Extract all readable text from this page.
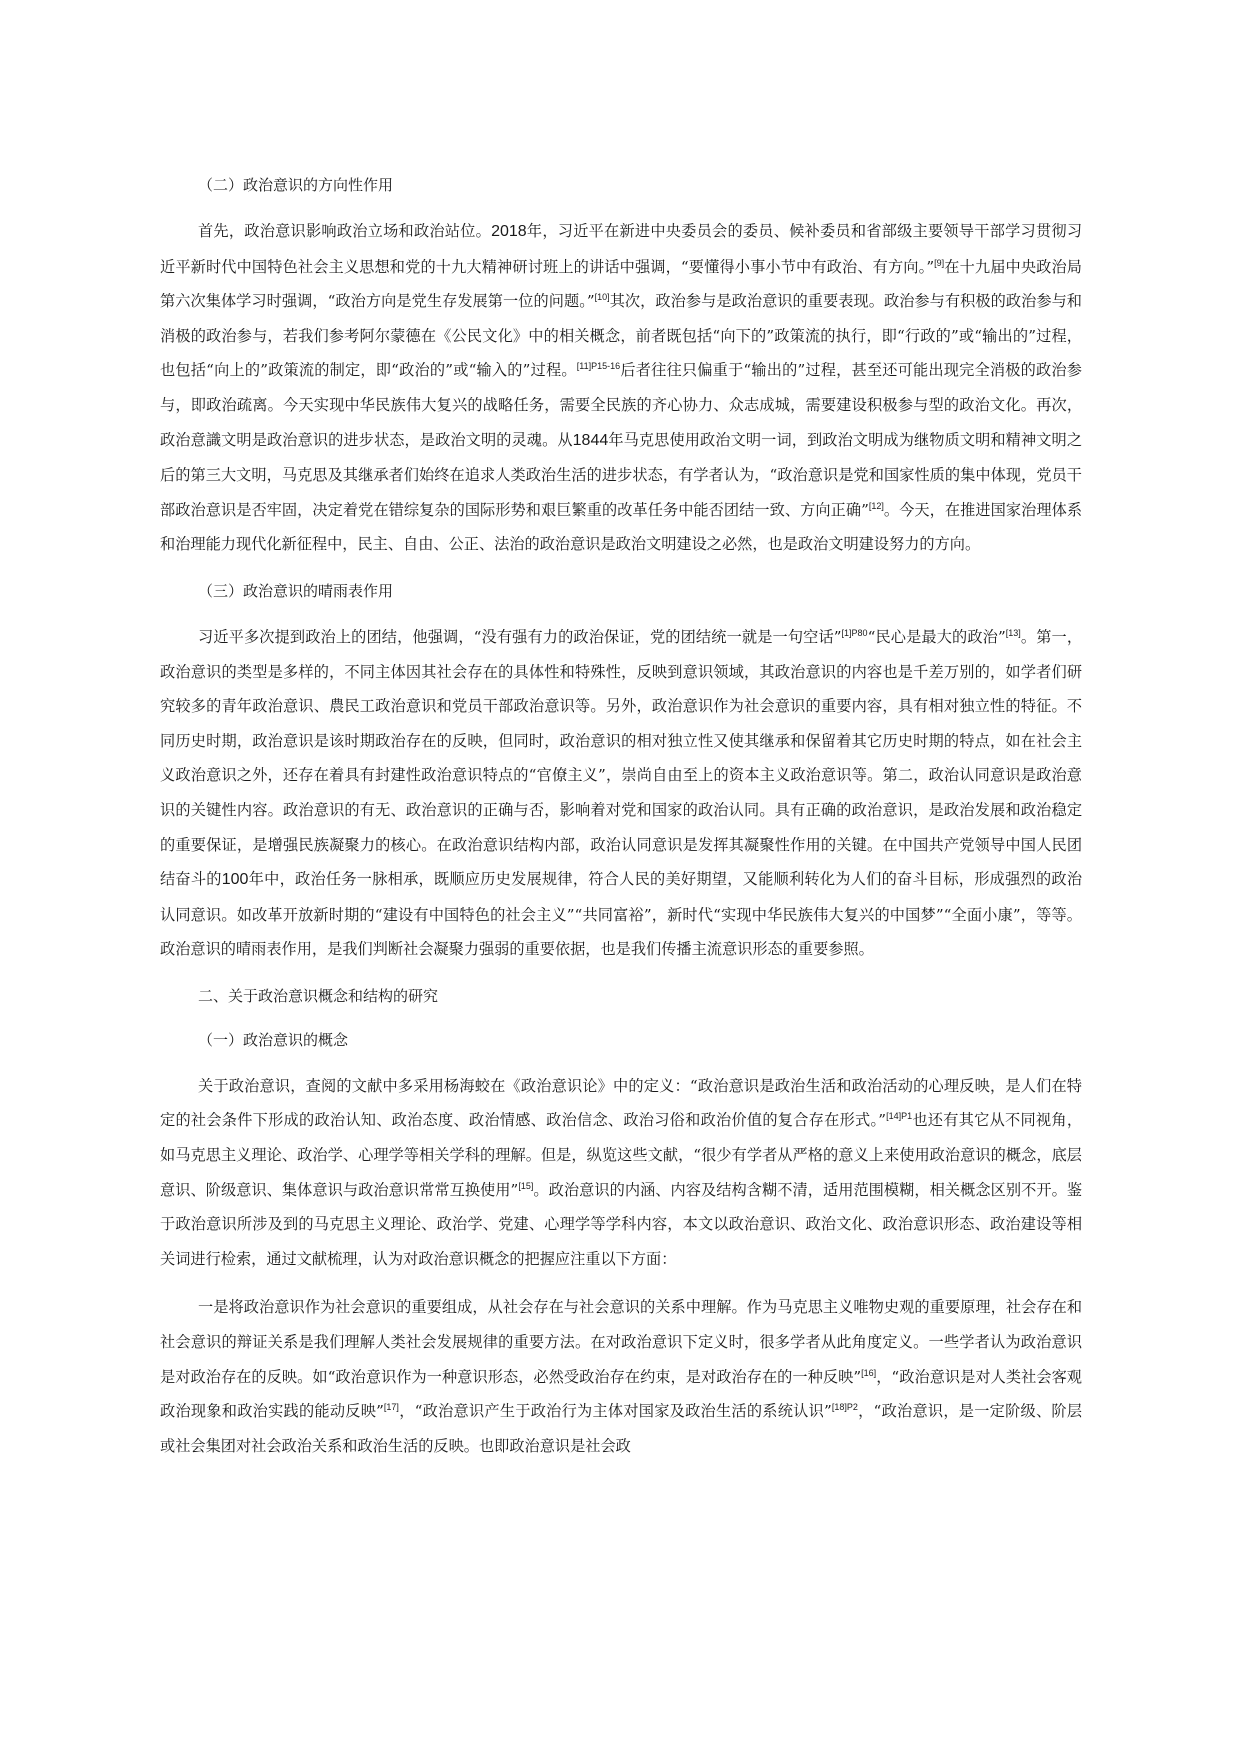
（二）政治意识的方向性作用

首先，政治意识影响政治立场和政治站位。2018年，习近平在新进中央委员会的委员、候补委员和省部级主要领导干部学习贯彻习近平新时代中国特色社会主义思想和党的十九大精神研讨班上的讲话中强调，“要懂得小事小节中有政治、有方向。”[9]在十九届中央政治局第六次集体学习时强调，“政治方向是党生存发展第一位的问题。”[10]其次，政治参与是政治意识的重要表现。政治参与有积极的政治参与和消极的政治参与，若我们参考阿尔蒙德在《公民文化》中的相关概念，前者既包括“向下的”政策流的执行，即“行政的”或“输出的”过程，也包括“向上的”政策流的制定，即“政治的”或“输入的”过程。$^{[11]P15-16}$后者往往只偏重于“输出的”过程，甚至还可能出现完全消极的政治参与，即政治疏离。今天实现中华民族伟大复兴的战略任务，需要全民族的齐心协力、众志成城，需要建设积极参与型的政治文化。再次，政治意識文明是政治意识的进步状态，是政治文明的灵魂。从1844年马克思使用政治文明一词，到政治文明成为继物质文明和精神文明之后的第三大文明，马克思及其继承者们始终在追求人类政治生活的进步状态，有学者认为，“政治意识是党和国家性质的集中体现，党员干部政治意识是否牢固，决定着党在错综复杂的国际形势和艰巨繁重的改革任务中能否团结一致、方向正确”[12]。今天，在推进国家治理体系和治理能力现代化新征程中，民主、自由、公正、法治的政治意识是政治文明建设之必然，也是政治文明建设努力的方向。

（三）政治意识的晴雨表作用

习近平多次提到政治上的团结，他强调，“没有强有力的政治保证，党的团结统一就是一句空话”$^{[1]P80}$“民心是最大的政治”[13]。第一，政治意识的类型是多样的，不同主体因其社会存在的具体性和特殊性，反映到意识领域，其政治意识的内容也是千差万别的，如学者们研究较多的青年政治意识、農民工政治意识和党员干部政治意识等。另外，政治意识作为社会意识的重要内容，具有相对独立性的特征。不同历史时期，政治意识是该时期政治存在的反映，但同时，政治意识的相对独立性又使其继承和保留着其它历史时期的特点，如在社会主义政治意识之外，还存在着具有封建性政治意识特点的“官僚主义”，崇尚自由至上的资本主义政治意识等。第二，政治认同意识是政治意识的关键性内容。政治意识的有无、政治意识的正确与否，影响着对党和国家的政治认同。具有正确的政治意识，是政治发展和政治稳定的重要保证，是增强民族凝聚力的核心。在政治意识结构内部，政治认同意识是发挥其凝聚性作用的关键。在中国共产党领导中国人民团结奋斗的100年中，政治任务一脉相承，既顺应历史发展规律，符合人民的美好期望，又能顺利转化为人们的奋斗目标，形成强烈的政治认同意识。如改革开放新时期的“建设有中国特色的社会主义”“共同富裕”，新时代“实现中华民族伟大复兴的中国梦”“全面小康”，等等。政治意识的晴雨表作用，是我们判断社会凝聚力强弱的重要依据，也是我们传播主流意识形态的重要参照。

二、关于政治意识概念和结构的研究
（一）政治意识的概念

关于政治意识，查阅的文献中多采用杨海蛟在《政治意识论》中的定义：“政治意识是政治生活和政治活动的心理反映，是人们在特定的社会条件下形成的政治认知、政治态度、政治情感、政治信念、政治习俗和政治价值的复合存在形式。”$^{[14]P1}$也还有其它从不同视角，如马克思主义理论、政治学、心理学等相关学科的理解。但是，纵览这些文献，“很少有学者从严格的意义上来使用政治意识的概念，底层意识、阶级意识、集体意识与政治意识常常互换使用”[15]。政治意识的内涵、内容及结构含糊不清，适用范围模糊，相关概念区别不开。鉴于政治意识所涉及到的马克思主义理论、政治学、党建、心理学等学科内容，本文以政治意识、政治文化、政治意识形态、政治建设等相关词进行检索，通过文献梳理，认为对政治意识概念的把握应注重以下方面：

一是将政治意识作为社会意识的重要组成，从社会存在与社会意识的关系中理解。作为马克思主义唯物史观的重要原理，社会存在和社会意识的辩证关系是我们理解人类社会发展规律的重要方法。在对政治意识下定义时，很多学者从此角度定义。一些学者认为政治意识是对政治存在的反映。如“政治意识作为一种意识形态，必然受政治存在约束，是对政治存在的一种反映”[16]，“政治意识是对人类社会客观政治现象和政治实践的能动反映”[17]，“政治意识产生于政治行为主体对国家及政治生活的系统认识”$^{[18]P2}$，“政治意识，是一定阶级、阶层或社会集团对社会政治关系和政治生活的反映。也即政治意识是社会政
